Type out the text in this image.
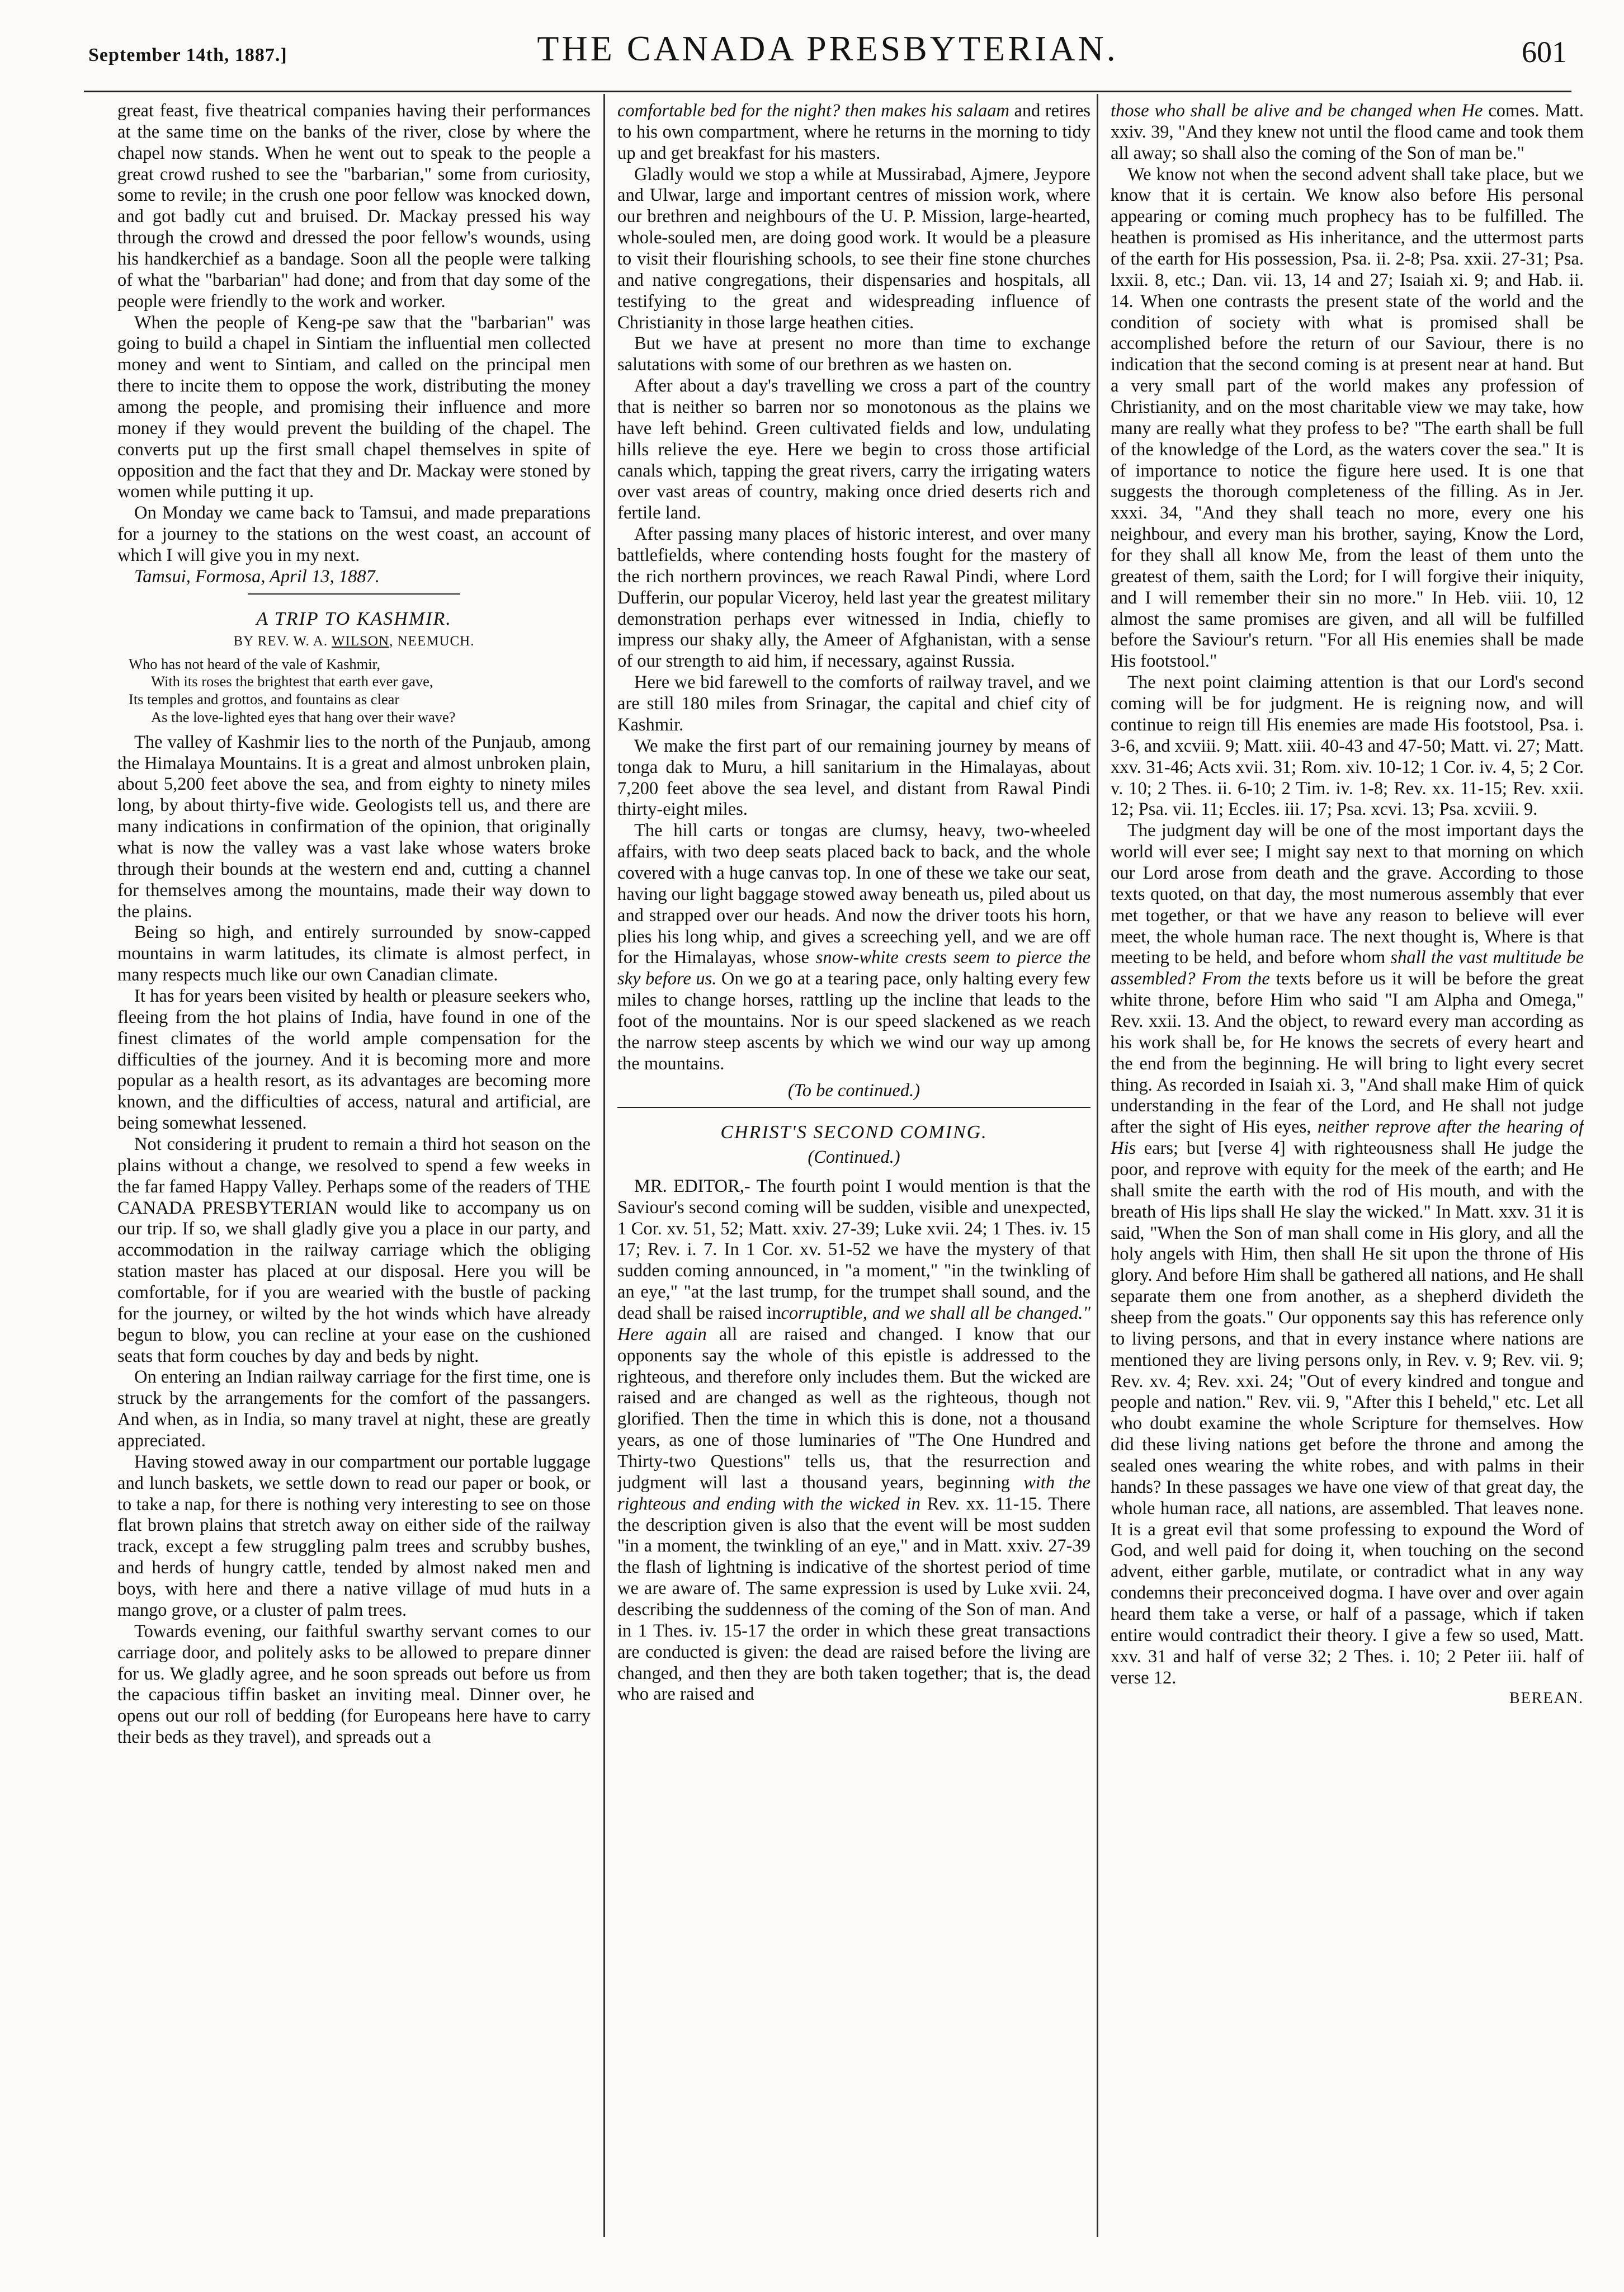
September 14th, 1887.]	THE CANADA PRESBYTERIAN.	601

great feast, five theatrical companies having their performances at the same time on the banks of the river, close by where the chapel now stands. When he went out to speak to the people a great crowd rushed to see the "barbarian," some from curiosity, some to revile; in the crush one poor fellow was knocked down, and got badly cut and bruised. Dr. Mackay pressed his way through the crowd and dressed the poor fellow's wounds, using his handkerchief as a bandage. Soon all the people were talking of what the "barbarian" had done; and from that day some of the people were friendly to the work and worker.

When the people of Keng-pe saw that the "barbarian" was going to build a chapel in Sintiam the influential men collected money and went to Sintiam, and called on the principal men there to incite them to oppose the work, distributing the money among the people, and promising their influence and more money if they would prevent the building of the chapel. The converts put up the first small chapel themselves in spite of opposition and the fact that they and Dr. Mackay were stoned by women while putting it up.

On Monday we came back to Tamsui, and made preparations for a journey to the stations on the west coast, an account of which I will give you in my next.

Tamsui, Formosa, April 13, 1887.

A TRIP TO KASHMIR.
BY REV. W. A. WILSON, NEEMUCH.
Who has not heard of the vale of Kashmir,
With its roses the brightest that earth ever gave,
Its temples and grottos, and fountains as clear
As the love-lighted eyes that hang over their wave?

The valley of Kashmir lies to the north of the Punjaub, among the Himalaya Mountains. It is a great and almost unbroken plain, about 5,200 feet above the sea, and from eighty to ninety miles long, by about thirty-five wide. Geologists tell us, and there are many indications in confirmation of the opinion, that originally what is now the valley was a vast lake whose waters broke through their bounds at the western end and, cutting a channel for themselves among the mountains, made their way down to the plains.

Being so high, and entirely surrounded by snow-capped mountains in warm latitudes, its climate is almost perfect, in many respects much like our own Canadian climate.

It has for years been visited by health or pleasure seekers who, fleeing from the hot plains of India, have found in one of the finest climates of the world ample compensation for the difficulties of the journey. And it is becoming more and more popular as a health resort, as its advantages are becoming more known, and the difficulties of access, natural and artificial, are being somewhat lessened.

Not considering it prudent to remain a third hot season on the plains without a change, we resolved to spend a few weeks in the far famed Happy Valley. Perhaps some of the readers of THE CANADA PRESBYTERIAN would like to accompany us on our trip. If so, we shall gladly give you a place in our party, and accommodation in the railway carriage which the obliging station master has placed at our disposal. Here you will be comfortable, for if you are wearied with the bustle of packing for the journey, or wilted by the hot winds which have already begun to blow, you can recline at your ease on the cushioned seats that form couches by day and beds by night.

On entering an Indian railway carriage for the first time, one is struck by the arrangements for the comfort of the passangers. And when, as in India, so many travel at night, these are greatly appreciated.

Having stowed away in our compartment our portable luggage and lunch baskets, we settle down to read our paper or book, or to take a nap, for there is nothing very interesting to see on those flat brown plains that stretch away on either side of the railway track, except a few struggling palm trees and scrubby bushes, and herds of hungry cattle, tended by almost naked men and boys, with here and there a native village of mud huts in a mango grove, or a cluster of palm trees.

Towards evening, our faithful swarthy servant comes to our carriage door, and politely asks to be allowed to prepare dinner for us. We gladly agree, and he soon spreads out before us from the capacious tiffin basket an inviting meal. Dinner over, he opens out our roll of bedding (for Europeans here have to carry their beds as they travel), and spreads out a

comfortable bed for the night? then makes his salaam and retires to his own compartment, where he returns in the morning to tidy up and get breakfast for his masters.

Gladly would we stop a while at Mussirabad, Ajmere, Jeypore and Ulwar, large and important centres of mission work, where our brethren and neighbours of the U. P. Mission, large-hearted, whole-souled men, are doing good work. It would be a pleasure to visit their flourishing schools, to see their fine stone churches and native congregations, their dispensaries and hospitals, all testifying to the great and widespreading influence of Christianity in those large heathen cities.

But we have at present no more than time to exchange salutations with some of our brethren as we hasten on.

After about a day's travelling we cross a part of the country that is neither so barren nor so monotonous as the plains we have left behind. Green cultivated fields and low, undulating hills relieve the eye. Here we begin to cross those artificial canals which, tapping the great rivers, carry the irrigating waters over vast areas of country, making once dried deserts rich and fertile land.

After passing many places of historic interest, and over many battlefields, where contending hosts fought for the mastery of the rich northern provinces, we reach Rawal Pindi, where Lord Dufferin, our popular Viceroy, held last year the greatest military demonstration perhaps ever witnessed in India, chiefly to impress our shaky ally, the Ameer of Afghanistan, with a sense of our strength to aid him, if necessary, against Russia.

Here we bid farewell to the comforts of railway travel, and we are still 180 miles from Srinagar, the capital and chief city of Kashmir.

We make the first part of our remaining journey by means of tonga dak to Muru, a hill sanitarium in the Himalayas, about 7,200 feet above the sea level, and distant from Rawal Pindi thirty-eight miles.

The hill carts or tongas are clumsy, heavy, two-wheeled affairs, with two deep seats placed back to back, and the whole covered with a huge canvas top. In one of these we take our seat, having our light baggage stowed away beneath us, piled about us and strapped over our heads. And now the driver toots his horn, plies his long whip, and gives a screeching yell, and we are off for the Himalayas, whose snow-white crests seem to pierce the sky before us. On we go at a tearing pace, only halting every few miles to change horses, rattling up the incline that leads to the foot of the mountains. Nor is our speed slackened as we reach the narrow steep ascents by which we wind our way up among the mountains.

(To be continued.)
CHRIST'S SECOND COMING.
(Continued.)

MR. EDITOR,- The fourth point I would mention is that the Saviour's second coming will be sudden, visible and unexpected, 1 Cor. xv. 51, 52; Matt. xxiv. 27-39; Luke xvii. 24; 1 Thes. iv. 15 17; Rev. i. 7. In 1 Cor. xv. 51-52 we have the mystery of that sudden coming announced, in "a moment," "in the twinkling of an eye," "at the last trump, for the trumpet shall sound, and the dead shall be raised incorruptible, and we shall all be changed." Here again all are raised and changed. I know that our opponents say the whole of this epistle is addressed to the righteous, and therefore only includes them. But the wicked are raised and are changed as well as the righteous, though not glorified. Then the time in which this is done, not a thousand years, as one of those luminaries of "The One Hundred and Thirty-two Questions" tells us, that the resurrection and judgment will last a thousand years, beginning with the righteous and ending with the wicked in Rev. xx. 11-15. There the description given is also that the event will be most sudden "in a moment, the twinkling of an eye," and in Matt. xxiv. 27-39 the flash of lightning is indicative of the shortest period of time we are aware of. The same expression is used by Luke xvii. 24, describing the suddenness of the coming of the Son of man. And in 1 Thes. iv. 15-17 the order in which these great transactions are conducted is given: the dead are raised before the living are changed, and then they are both taken together; that is, the dead who are raised and

those who shall be alive and be changed when He comes. Matt. xxiv. 39, "And they knew not until the flood came and took them all away; so shall also the coming of the Son of man be."

We know not when the second advent shall take place, but we know that it is certain. We know also before His personal appearing or coming much prophecy has to be fulfilled. The heathen is promised as His inheritance, and the uttermost parts of the earth for His possession, Psa. ii. 2-8; Psa. xxii. 27-31; Psa. lxxii. 8, etc.; Dan. vii. 13, 14 and 27; Isaiah xi. 9; and Hab. ii. 14. When one contrasts the present state of the world and the condition of society with what is promised shall be accomplished before the return of our Saviour, there is no indication that the second coming is at present near at hand. But a very small part of the world makes any profession of Christianity, and on the most charitable view we may take, how many are really what they profess to be? "The earth shall be full of the knowledge of the Lord, as the waters cover the sea." It is of importance to notice the figure here used. It is one that suggests the thorough completeness of the filling. As in Jer. xxxi. 34, "And they shall teach no more, every one his neighbour, and every man his brother, saying, Know the Lord, for they shall all know Me, from the least of them unto the greatest of them, saith the Lord; for I will forgive their iniquity, and I will remember their sin no more." In Heb. viii. 10, 12 almost the same promises are given, and all will be fulfilled before the Saviour's return. "For all His enemies shall be made His footstool."

The next point claiming attention is that our Lord's second coming will be for judgment. He is reigning now, and will continue to reign till His enemies are made His footstool, Psa. i. 3-6, and xcviii. 9; Matt. xiii. 40-43 and 47-50; Matt. vi. 27; Matt. xxv. 31-46; Acts xvii. 31; Rom. xiv. 10-12; 1 Cor. iv. 4, 5; 2 Cor. v. 10; 2 Thes. ii. 6-10; 2 Tim. iv. 1-8; Rev. xx. 11-15; Rev. xxii. 12; Psa. vii. 11; Eccles. iii. 17; Psa. xcvi. 13; Psa. xcviii. 9.

The judgment day will be one of the most important days the world will ever see; I might say next to that morning on which our Lord arose from death and the grave. According to those texts quoted, on that day, the most numerous assembly that ever met together, or that we have any reason to believe will ever meet, the whole human race. The next thought is, Where is that meeting to be held, and before whom shall the vast multitude be assembled? From the texts before us it will be before the great white throne, before Him who said "I am Alpha and Omega," Rev. xxii. 13. And the object, to reward every man according as his work shall be, for He knows the secrets of every heart and the end from the beginning. He will bring to light every secret thing. As recorded in Isaiah xi. 3, "And shall make Him of quick understanding in the fear of the Lord, and He shall not judge after the sight of His eyes, neither reprove after the hearing of His ears; but [verse 4] with righteousness shall He judge the poor, and reprove with equity for the meek of the earth; and He shall smite the earth with the rod of His mouth, and with the breath of His lips shall He slay the wicked." In Matt. xxv. 31 it is said, "When the Son of man shall come in His glory, and all the holy angels with Him, then shall He sit upon the throne of His glory. And before Him shall be gathered all nations, and He shall separate them one from another, as a shepherd divideth the sheep from the goats." Our opponents say this has reference only to living persons, and that in every instance where nations are mentioned they are living persons only, in Rev. v. 9; Rev. vii. 9; Rev. xv. 4; Rev. xxi. 24; "Out of every kindred and tongue and people and nation." Rev. vii. 9, "After this I beheld," etc. Let all who doubt examine the whole Scripture for themselves. How did these living nations get before the throne and among the sealed ones wearing the white robes, and with palms in their hands? In these passages we have one view of that great day, the whole human race, all nations, are assembled. That leaves none. It is a great evil that some professing to expound the Word of God, and well paid for doing it, when touching on the second advent, either garble, mutilate, or contradict what in any way condemns their preconceived dogma. I have over and over again heard them take a verse, or half of a passage, which if taken entire would contradict their theory. I give a few so used, Matt. xxv. 31 and half of verse 32; 2 Thes. i. 10; 2 Peter iii. half of verse 12.

BEREAN.
